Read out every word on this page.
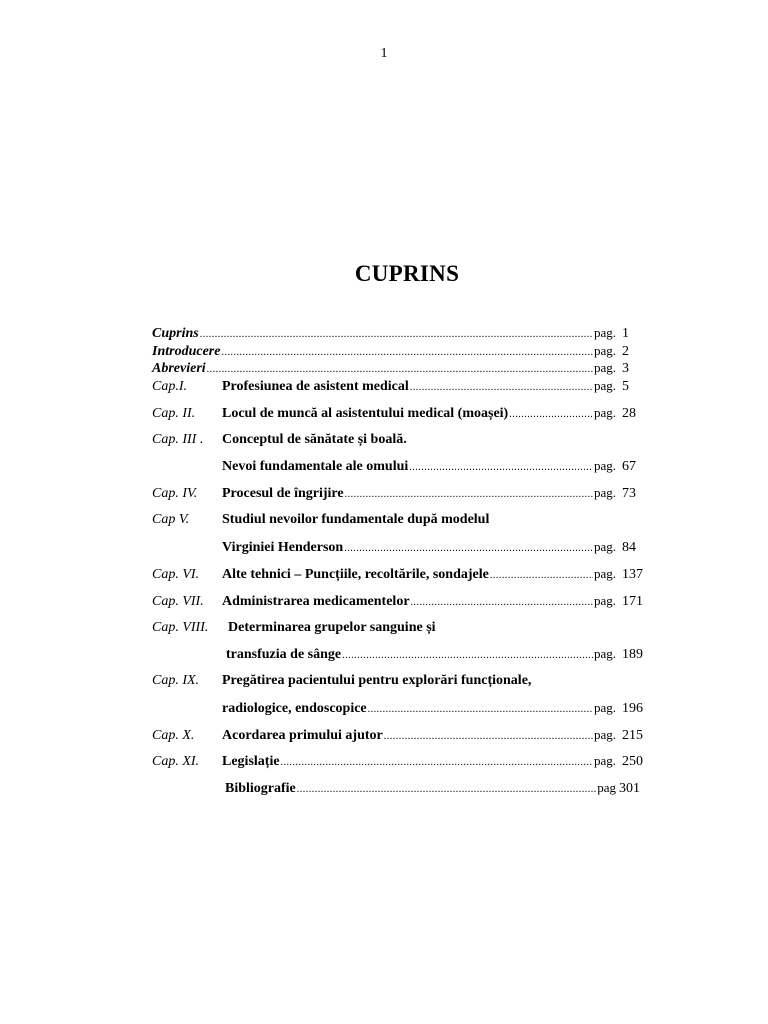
1
CUPRINS
Cuprins .....	pag. 1
Introducere .....	pag. 2
Abrevieri .....	pag. 3
Cap.I.	Profesiunea de asistent medical .....	pag. 5
Cap. II.	Locul de muncă al asistentului medical (moașei) .....	pag. 28
Cap. III .	Conceptul de sănătate și boală.
Nevoi fundamentale ale omului .....	pag. 67
Cap. IV.	Procesul de îngrijire .....	pag. 73
Cap V.	Studiul nevoilor fundamentale după modelul
Virginiei Henderson .....	pag. 84
Cap. VI.	Alte tehnici – Puncțiile, recoltările, sondajele .....	pag. 137
Cap. VII.	Administrarea medicamentelor .....	pag. 171
Cap. VIII.	Determinarea grupelor sanguine și
transfuzia de sânge .....	pag. 189
Cap. IX.	Pregătirea pacientului pentru explorări funcționale,
radiologice, endoscopice .....	pag. 196
Cap. X.	Acordarea primului ajutor .....	pag. 215
Cap. XI.	Legislație .....	pag. 250
Bibliografie .....	pag 301
